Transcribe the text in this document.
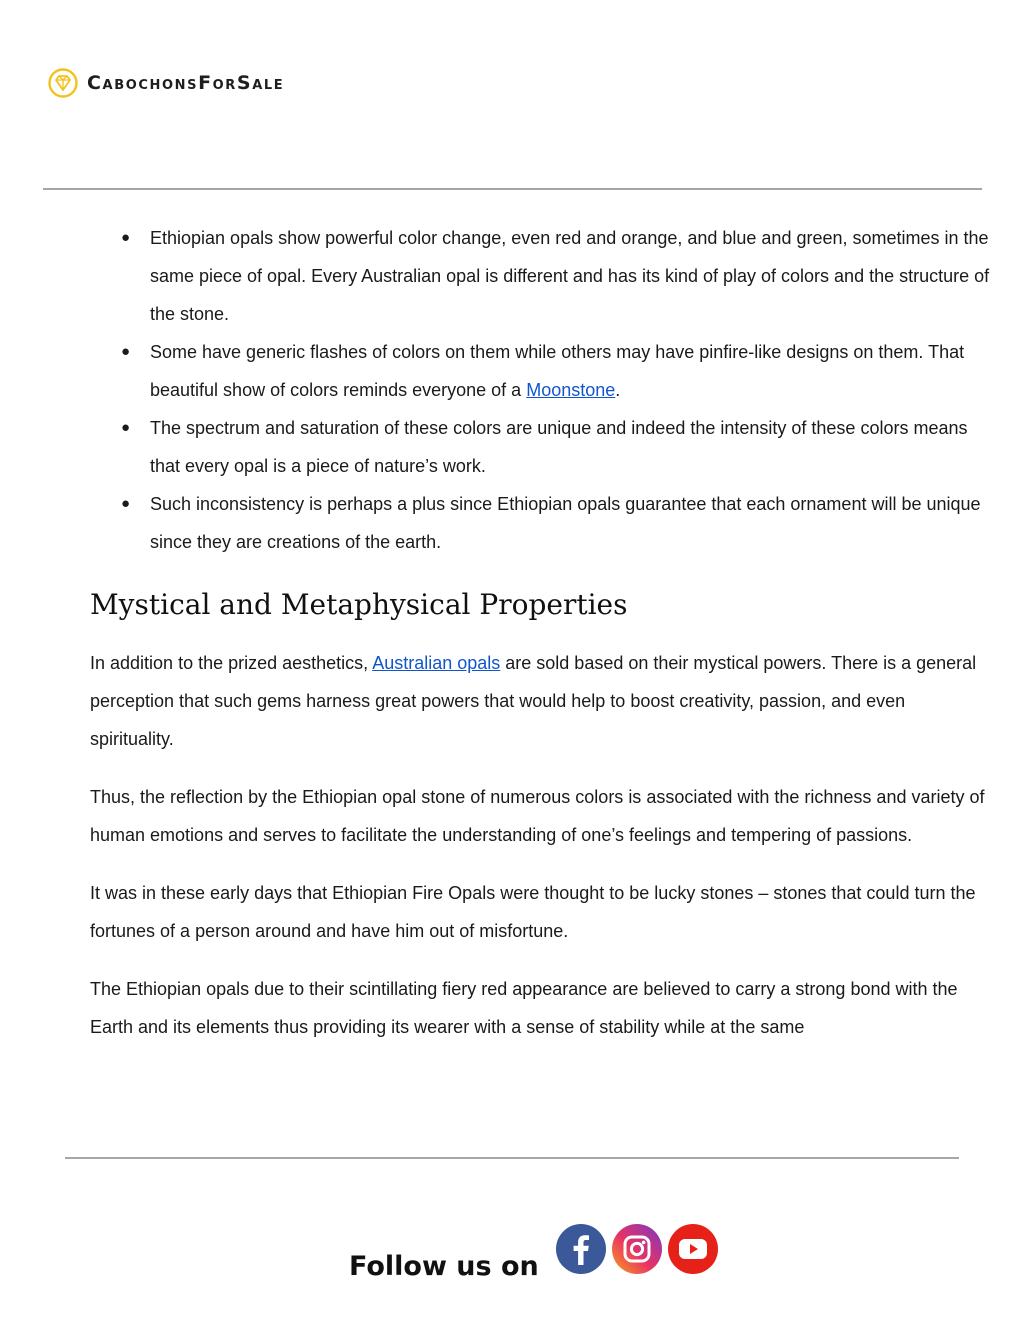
CabochonsForSale
● Ethiopian opals show powerful color change, even red and orange, and blue and green, sometimes in the same piece of opal. Every Australian opal is different and has its kind of play of colors and the structure of the stone.
● Some have generic flashes of colors on them while others may have pinfire-like designs on them. That beautiful show of colors reminds everyone of a Moonstone.
● The spectrum and saturation of these colors are unique and indeed the intensity of these colors means that every opal is a piece of nature’s work.
● Such inconsistency is perhaps a plus since Ethiopian opals guarantee that each ornament will be unique since they are creations of the earth.
Mystical and Metaphysical Properties

In addition to the prized aesthetics, Australian opals are sold based on their mystical powers. There is a general perception that such gems harness great powers that would help to boost creativity, passion, and even spirituality.

Thus, the reflection by the Ethiopian opal stone of numerous colors is associated with the richness and variety of human emotions and serves to facilitate the understanding of one’s feelings and tempering of passions.

It was in these early days that Ethiopian Fire Opals were thought to be lucky stones – stones that could turn the fortunes of a person around and have him out of misfortune.

The Ethiopian opals due to their scintillating fiery red appearance are believed to carry a strong bond with the Earth and its elements thus providing its wearer with a sense of stability while at the same

Follow us on
